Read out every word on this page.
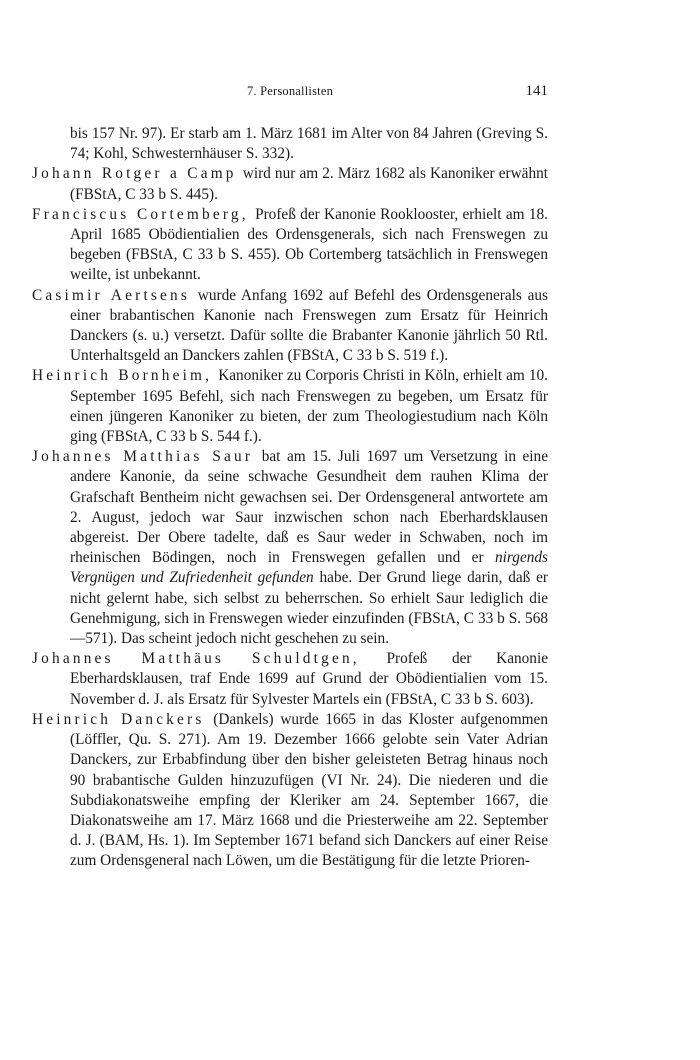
7. Personallisten	141

bis 157 Nr. 97). Er starb am 1. März 1681 im Alter von 84 Jahren (Greving S. 74; Kohl, Schwesternhäuser S. 332).

Johann Rotger a Camp wird nur am 2. März 1682 als Kanoniker erwähnt (FBStA, C 33 b S. 445).

Franciscus Cortemberg, Profeß der Kanonie Rooklooster, erhielt am 18. April 1685 Obödientialien des Ordensgenerals, sich nach Frenswegen zu begeben (FBStA, C 33 b S. 455). Ob Cortemberg tatsächlich in Frenswegen weilte, ist unbekannt.

Casimir Aertsens wurde Anfang 1692 auf Befehl des Ordensgenerals aus einer brabantischen Kanonie nach Frenswegen zum Ersatz für Heinrich Danckers (s. u.) versetzt. Dafür sollte die Brabanter Kanonie jährlich 50 Rtl. Unterhaltsgeld an Danckers zahlen (FBStA, C 33 b S. 519 f.).

Heinrich Bornheim, Kanoniker zu Corporis Christi in Köln, erhielt am 10. September 1695 Befehl, sich nach Frenswegen zu begeben, um Ersatz für einen jüngeren Kanoniker zu bieten, der zum Theologiestudium nach Köln ging (FBStA, C 33 b S. 544 f.).

Johannes Matthias Saur bat am 15. Juli 1697 um Versetzung in eine andere Kanonie, da seine schwache Gesundheit dem rauhen Klima der Grafschaft Bentheim nicht gewachsen sei. Der Ordensgeneral antwortete am 2. August, jedoch war Saur inzwischen schon nach Eberhardsklausen abgereist. Der Obere tadelte, daß es Saur weder in Schwaben, noch im rheinischen Bödingen, noch in Frenswegen gefallen und er nirgends Vergnügen und Zufriedenheit gefunden habe. Der Grund liege darin, daß er nicht gelernt habe, sich selbst zu beherrschen. So erhielt Saur lediglich die Genehmigung, sich in Frenswegen wieder einzufinden (FBStA, C 33 b S. 568—571). Das scheint jedoch nicht geschehen zu sein.

Johannes Matthäus Schuldtgen, Profeß der Kanonie Eberhardsklausen, traf Ende 1699 auf Grund der Obödientialien vom 15. November d. J. als Ersatz für Sylvester Martels ein (FBStA, C 33 b S. 603).

Heinrich Danckers (Dankels) wurde 1665 in das Kloster aufgenommen (Löffler, Qu. S. 271). Am 19. Dezember 1666 gelobte sein Vater Adrian Danckers, zur Erbabfindung über den bisher geleisteten Betrag hinaus noch 90 brabantische Gulden hinzuzufügen (VI Nr. 24). Die niederen und die Subdiakonatsweihe empfing der Kleriker am 24. September 1667, die Diakonatsweihe am 17. März 1668 und die Priesterweihe am 22. September d. J. (BAM, Hs. 1). Im September 1671 befand sich Danckers auf einer Reise zum Ordensgeneral nach Löwen, um die Bestätigung für die letzte Prioren-
